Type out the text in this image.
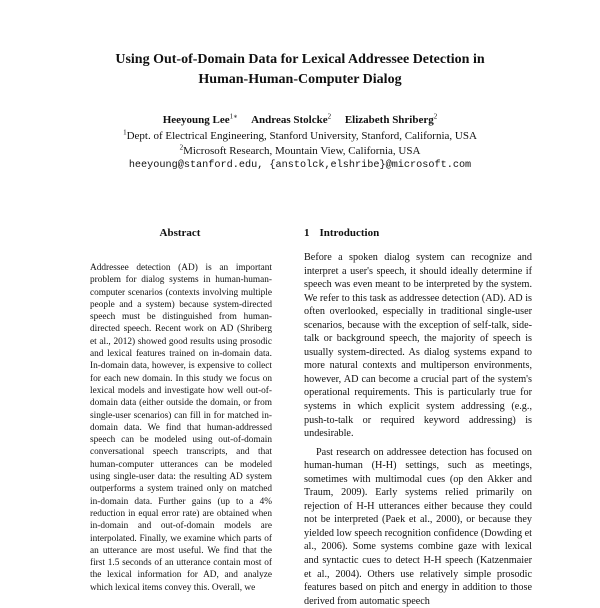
Using Out-of-Domain Data for Lexical Addressee Detection in
Human-Human-Computer Dialog
Heeyoung Lee$^{1∗}$ Andreas Stolcke$^2$ Elizabeth Shriberg$^2$
$^1$Dept. of Electrical Engineering, Stanford University, Stanford, California, USA
$^2$Microsoft Research, Mountain View, California, USA
heeyoung@stanford.edu, {anstolck,elshribe}@microsoft.com
Abstract

Addressee detection (AD) is an important problem for dialog systems in human-human-computer scenarios (contexts involving multiple people and a system) because system-directed speech must be distinguished from human-directed speech. Recent work on AD (Shriberg et al., 2012) showed good results using prosodic and lexical features trained on in-domain data. In-domain data, however, is expensive to collect for each new domain. In this study we focus on lexical models and investigate how well out-of-domain data (either outside the domain, or from single-user scenarios) can fill in for matched in-domain data. We find that human-addressed speech can be modeled using out-of-domain conversational speech transcripts, and that human-computer utterances can be modeled using single-user data: the resulting AD system outperforms a system trained only on matched in-domain data. Further gains (up to a 4% reduction in equal error rate) are obtained when in-domain and out-of-domain models are interpolated. Finally, we examine which parts of an utterance are most useful. We find that the first 1.5 seconds of an utterance contain most of the lexical information for AD, and analyze which lexical items convey this. Overall, we

1 Introduction

Before a spoken dialog system can recognize and interpret a user's speech, it should ideally determine if speech was even meant to be interpreted by the system. We refer to this task as addressee detection (AD). AD is often overlooked, especially in traditional single-user scenarios, because with the exception of self-talk, side-talk or background speech, the majority of speech is usually system-directed. As dialog systems expand to more natural contexts and multiperson environments, however, AD can become a crucial part of the system's operational requirements. This is particularly true for systems in which explicit system addressing (e.g., push-to-talk or required keyword addressing) is undesirable.

Past research on addressee detection has focused on human-human (H-H) settings, such as meetings, sometimes with multimodal cues (op den Akker and Traum, 2009). Early systems relied primarily on rejection of H-H utterances either because they could not be interpreted (Paek et al., 2000), or because they yielded low speech recognition confidence (Dowding et al., 2006). Some systems combine gaze with lexical and syntactic cues to detect H-H speech (Katzenmaier et al., 2004). Others use relatively simple prosodic features based on pitch and energy in addition to those derived from automatic speech
